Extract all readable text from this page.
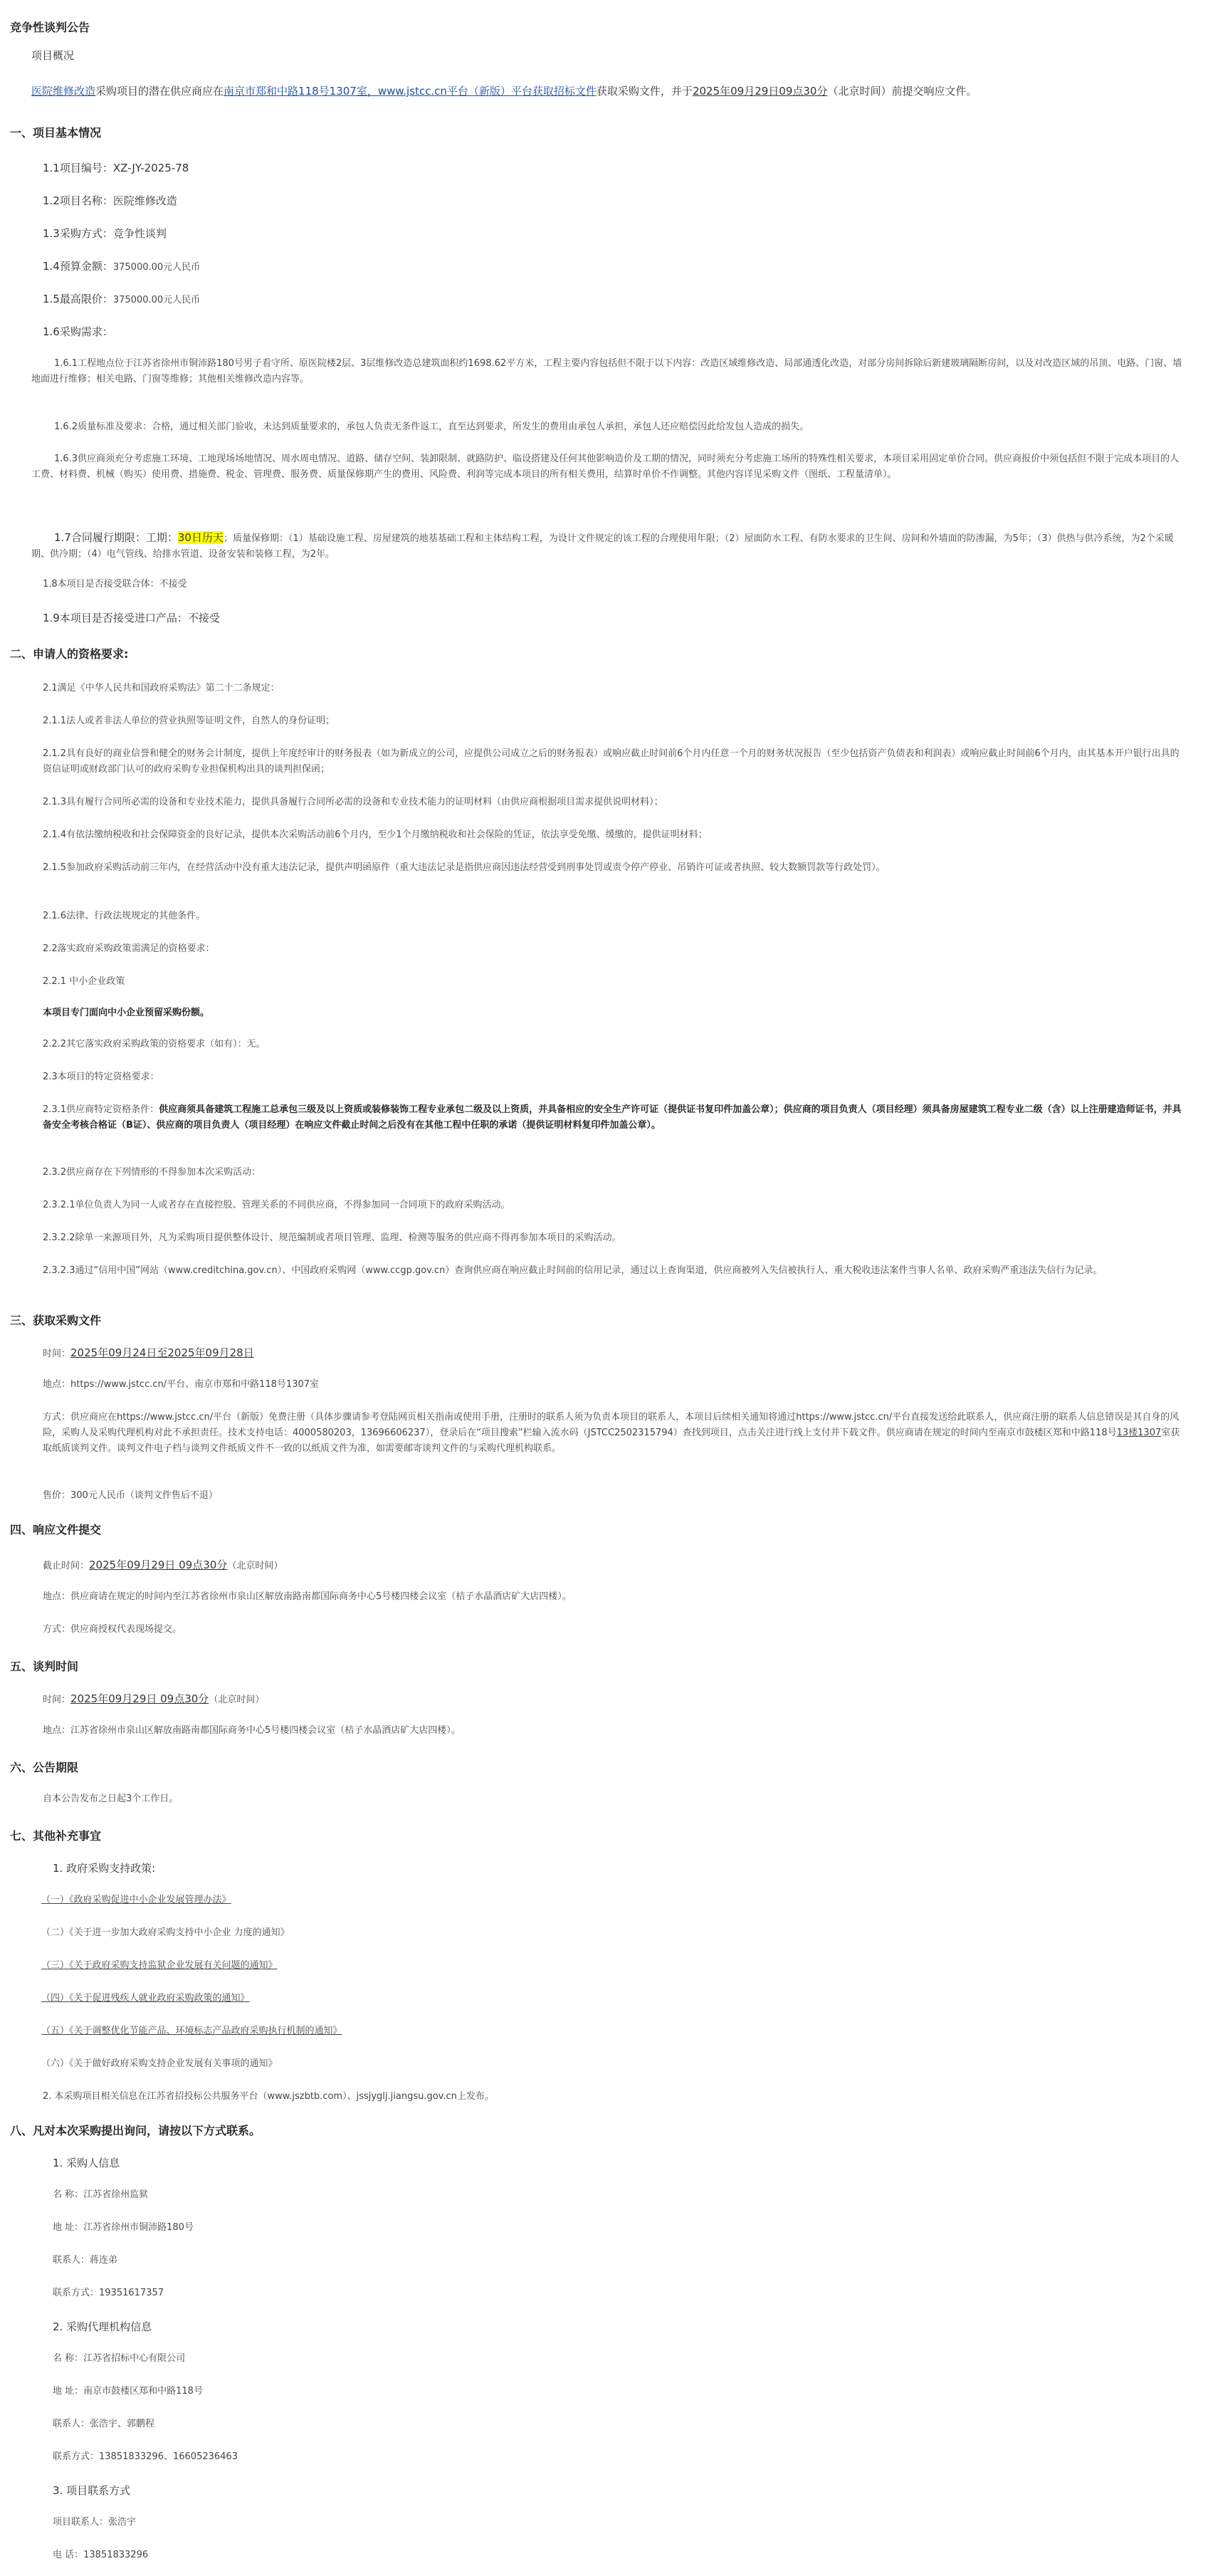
竞争性谈判公告

项目概况

医院维修改造采购项目的潜在供应商应在南京市郑和中路118号1307室，www.jstcc.cn平台（新版）平台获取招标文件获取采购文件，并于2025年09月29日09点30分（北京时间）前提交响应文件。

一、项目基本情况

1.1项目编号：XZ-JY-2025-78

1.2项目名称：医院维修改造

1.3采购方式：竞争性谈判

1.4预算金额：375000.00元人民币

1.5最高限价：375000.00元人民币

1.6采购需求：

1.6.1工程地点位于江苏省徐州市铜沛路180号男子看守所、原医院楼2层、3层维修改造总建筑面积约1698.62平方米，工程主要内容包括但不限于以下内容：改造区域维修改造、局部通透化改造，对部分房间拆除后新建玻璃隔断房间，以及对改造区域的吊顶、电路、门窗、墙地面进行维修；相关电路、门窗等维修；其他相关维修改造内容等。

1.6.2质量标准及要求：合格，通过相关部门验收，未达到质量要求的，承包人负责无条件返工，直至达到要求，所发生的费用由承包人承担，承包人还应赔偿因此给发包人造成的损失。

1.6.3供应商须充分考虑施工环境、工地现场场地情况、周水周电情况、道路、储存空间、装卸限制、就路防护、临设搭建及任何其他影响造价及工期的情况，同时须充分考虑施工场所的特殊性相关要求，本项目采用固定单价合同。供应商报价中须包括但不限于完成本项目的人工费、材料费、机械（购买）使用费、措施费、税金、管理费、服务费、质量保修期产生的费用、风险费、利润等完成本项目的所有相关费用，结算时单价不作调整。其他内容详见采购文件（图纸、工程量清单）。

1.7合同履行期限：工期：30日历天；质量保修期：（1）基础设施工程、房屋建筑的地基基础工程和主体结构工程，为设计文件规定的该工程的合理使用年限；（2）屋面防水工程、有防水要求的卫生间、房间和外墙面的防渗漏，为5年；（3）供热与供冷系统，为2个采暖期、供冷期；（4）电气管线、给排水管道、设备安装和装修工程，为2年。

1.8本项目是否接受联合体：不接受

1.9本项目是否接受进口产品：不接受

二、申请人的资格要求:

2.1满足《中华人民共和国政府采购法》第二十二条规定：

2.1.1法人或者非法人单位的营业执照等证明文件，自然人的身份证明；

2.1.2具有良好的商业信誉和健全的财务会计制度，提供上年度经审计的财务报表（如为新成立的公司，应提供公司成立之后的财务报表）或响应截止时间前6个月内任意一个月的财务状况报告（至少包括资产负债表和利润表）或响应截止时间前6个月内，由其基本开户银行出具的资信证明或财政部门认可的政府采购专业担保机构出具的谈判担保函；

2.1.3具有履行合同所必需的设备和专业技术能力，提供具备履行合同所必需的设备和专业技术能力的证明材料（由供应商根据项目需求提供说明材料）；

2.1.4有依法缴纳税收和社会保障资金的良好记录，提供本次采购活动前6个月内，至少1个月缴纳税收和社会保险的凭证，依法享受免缴、缓缴的，提供证明材料；

2.1.5参加政府采购活动前三年内，在经营活动中没有重大违法记录，提供声明函原件（重大违法记录是指供应商因违法经营受到刑事处罚或责令停产停业、吊销许可证或者执照、较大数额罚款等行政处罚）。

2.1.6法律、行政法规规定的其他条件。

2.2落实政府采购政策需满足的资格要求：

2.2.1 中小企业政策

本项目专门面向中小企业预留采购份额。

2.2.2其它落实政府采购政策的资格要求（如有）：无。

2.3本项目的特定资格要求：

2.3.1供应商特定资格条件：供应商须具备建筑工程施工总承包三级及以上资质或装修装饰工程专业承包二级及以上资质，并具备相应的安全生产许可证（提供证书复印件加盖公章）；供应商的项目负责人（项目经理）须具备房屋建筑工程专业二级（含）以上注册建造师证书，并具备安全考核合格证（B证）、供应商的项目负责人（项目经理）在响应文件截止时间之后没有在其他工程中任职的承诺（提供证明材料复印件加盖公章）。

2.3.2供应商存在下列情形的不得参加本次采购活动：

2.3.2.1单位负责人为同一人或者存在直接控股、管理关系的不同供应商，不得参加同一合同项下的政府采购活动。

2.3.2.2除单一来源项目外，凡为采购项目提供整体设计、规范编制或者项目管理、监理、检测等服务的供应商不得再参加本项目的采购活动。

2.3.2.3通过“信用中国”网站（www.creditchina.gov.cn）、中国政府采购网（www.ccgp.gov.cn）查询供应商在响应截止时间前的信用记录，通过以上查询渠道，供应商被列入失信被执行人、重大税收违法案件当事人名单、政府采购严重违法失信行为记录。

三、获取采购文件

时间：2025年09月24日至2025年09月28日

地点：https://www.jstcc.cn/平台、南京市郑和中路118号1307室

方式：供应商应在https://www.jstcc.cn/平台（新版）免费注册（具体步骤请参考登陆网页相关指南或使用手册，注册时的联系人须为负责本项目的联系人，本项目后续相关通知将通过https://www.jstcc.cn/平台直接发送给此联系人，供应商注册的联系人信息错误是其自身的风险，采购人及采购代理机构对此不承担责任。技术支持电话：4000580203，13696606237），登录后在“项目搜索”栏输入流水码（JSTCC2502315794）查找到项目，点击关注进行线上支付并下载文件。供应商请在规定的时间内至南京市鼓楼区郑和中路118号13楼1307室获取纸质谈判文件。谈判文件电子档与谈判文件纸质文件不一致的以纸质文件为准，如需要邮寄谈判文件的与采购代理机构联系。

售价：300元人民币（谈判文件售后不退）

四、响应文件提交

截止时间：2025年09月29日 09点30分（北京时间）

地点：供应商请在规定的时间内至江苏省徐州市泉山区解放南路南都国际商务中心5号楼四楼会议室（桔子水晶酒店矿大店四楼）。

方式：供应商授权代表现场提交。

五、谈判时间

时间：2025年09月29日 09点30分（北京时间）

地点：江苏省徐州市泉山区解放南路南都国际商务中心5号楼四楼会议室（桔子水晶酒店矿大店四楼）。

六、公告期限

自本公告发布之日起3个工作日。

七、其他补充事宜

1. 政府采购支持政策:

（一）《政府采购促进中小企业发展管理办法》

（二）《关于进一步加大政府采购支持中小企业 力度的通知》

（三）《关于政府采购支持监狱企业发展有关问题的通知》

（四）《关于促进残疾人就业政府采购政策的通知》

（五）《关于调整优化节能产品、环境标志产品政府采购执行机制的通知》

（六）《关于做好政府采购支持企业发展有关事项的通知》

2. 本采购项目相关信息在江苏省招投标公共服务平台（www.jszbtb.com）、jssjyglj.jiangsu.gov.cn上发布。

八、凡对本次采购提出询问，请按以下方式联系。

1. 采购人信息

名 称：江苏省徐州监狱

地 址：江苏省徐州市铜沛路180号

联系人：蒋连弟

联系方式：19351617357

2. 采购代理机构信息

名 称：江苏省招标中心有限公司

地 址：南京市鼓楼区郑和中路118号

联系人：张浩宇、郭鹏程

联系方式：13851833296、16605236463

3. 项目联系方式

项目联系人：张浩宇

电 话：13851833296
